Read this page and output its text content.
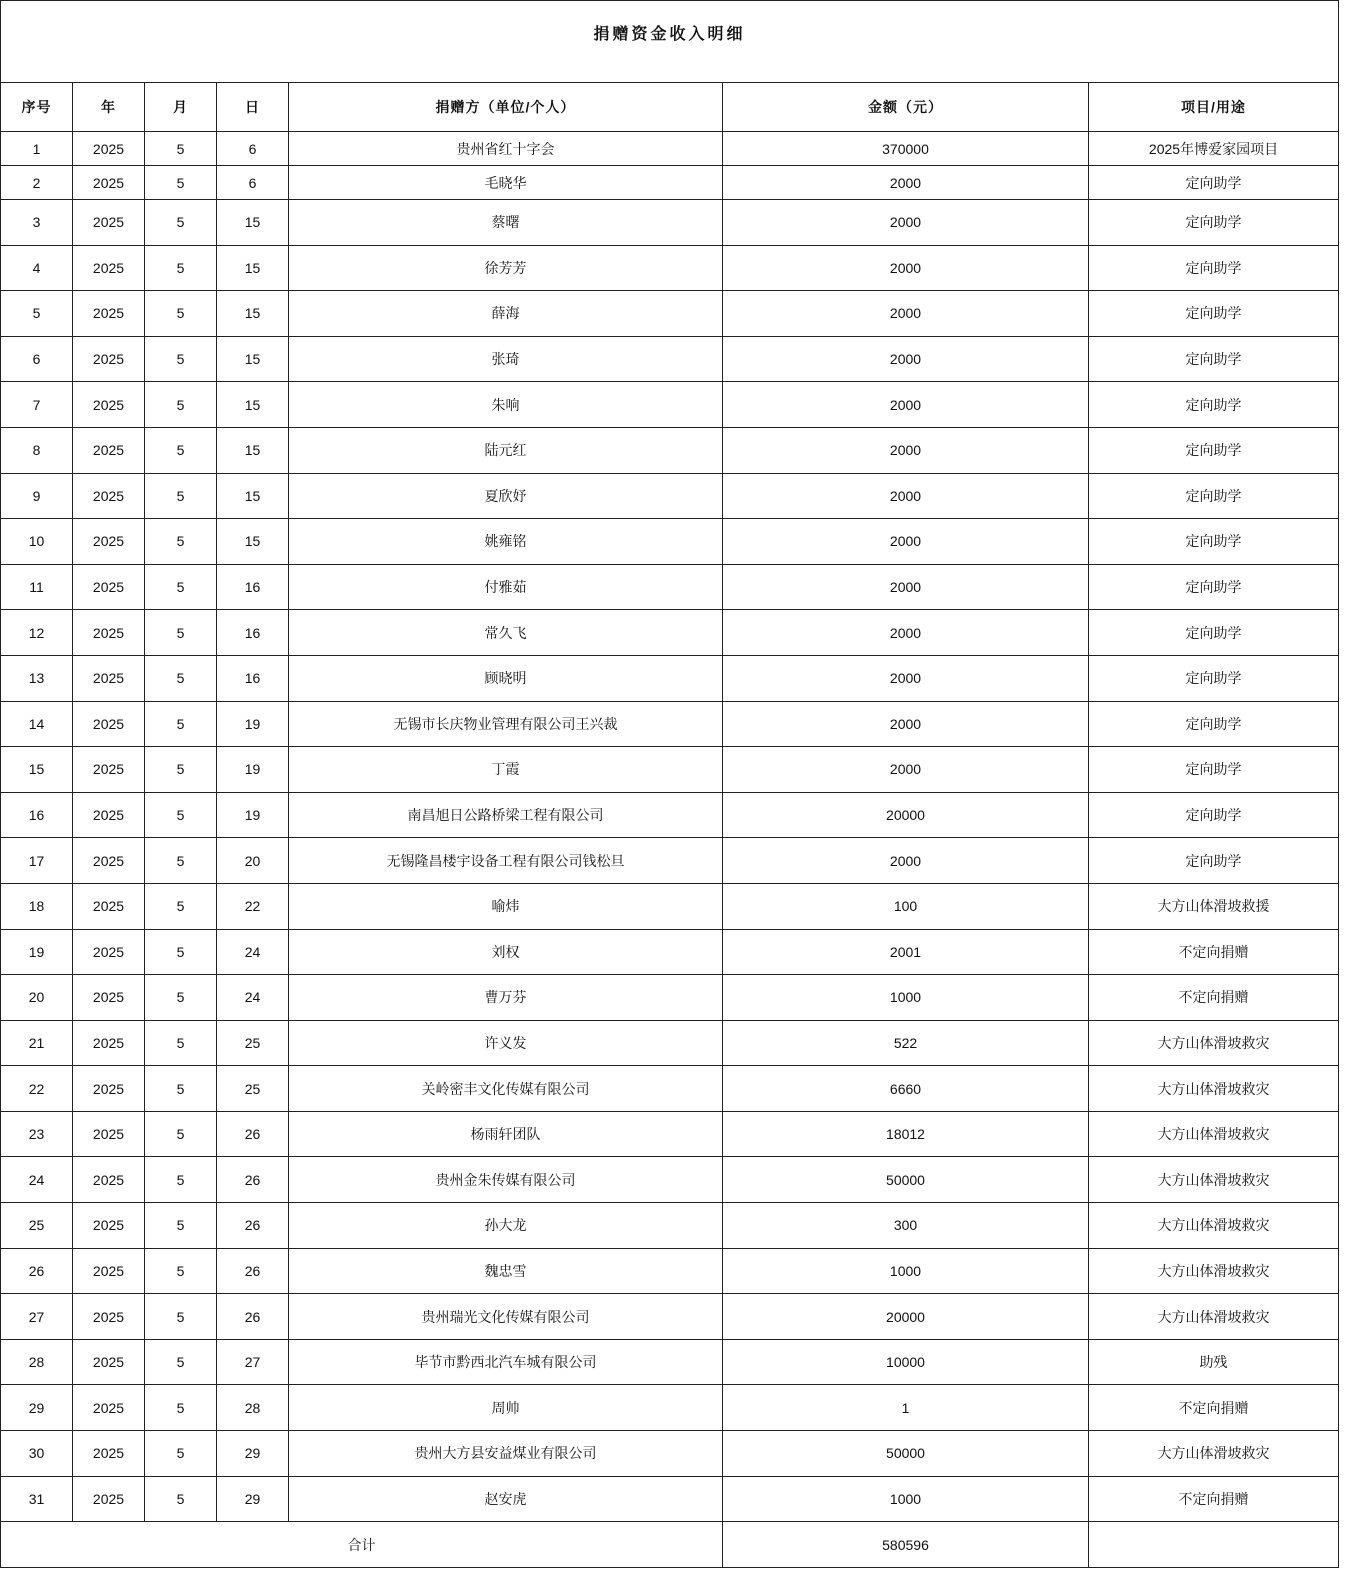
捐赠资金收入明细						
序号	年	月	日	捐赠方（单位/个人）	金额（元）	项目/用途
1	2025	5	6	贵州省红十字会	370000	2025年博爱家园项目
2	2025	5	6	毛晓华	2000	定向助学
3	2025	5	15	蔡曙	2000	定向助学
4	2025	5	15	徐芳芳	2000	定向助学
5	2025	5	15	薛海	2000	定向助学
6	2025	5	15	张琦	2000	定向助学
7	2025	5	15	朱响	2000	定向助学
8	2025	5	15	陆元红	2000	定向助学
9	2025	5	15	夏欣妤	2000	定向助学
10	2025	5	15	姚雍铭	2000	定向助学
11	2025	5	16	付雅茹	2000	定向助学
12	2025	5	16	常久飞	2000	定向助学
13	2025	5	16	顾晓明	2000	定向助学
14	2025	5	19	无锡市长庆物业管理有限公司王兴裁	2000	定向助学
15	2025	5	19	丁霞	2000	定向助学
16	2025	5	19	南昌旭日公路桥梁工程有限公司	20000	定向助学
17	2025	5	20	无锡隆昌楼宇设备工程有限公司钱松旦	2000	定向助学
18	2025	5	22	喻炜	100	大方山体滑坡救援
19	2025	5	24	刘权	2001	不定向捐赠
20	2025	5	24	曹万芬	1000	不定向捐赠
21	2025	5	25	许义发	522	大方山体滑坡救灾
22	2025	5	25	关岭密丰文化传媒有限公司	6660	大方山体滑坡救灾
23	2025	5	26	杨雨轩团队	18012	大方山体滑坡救灾
24	2025	5	26	贵州金朱传媒有限公司	50000	大方山体滑坡救灾
25	2025	5	26	孙大龙	300	大方山体滑坡救灾
26	2025	5	26	魏忠雪	1000	大方山体滑坡救灾
27	2025	5	26	贵州瑞光文化传媒有限公司	20000	大方山体滑坡救灾
28	2025	5	27	毕节市黔西北汽车城有限公司	10000	助残
29	2025	5	28	周帅	1	不定向捐赠
30	2025	5	29	贵州大方县安益煤业有限公司	50000	大方山体滑坡救灾
31	2025	5	29	赵安虎	1000	不定向捐赠
合计					580596	
